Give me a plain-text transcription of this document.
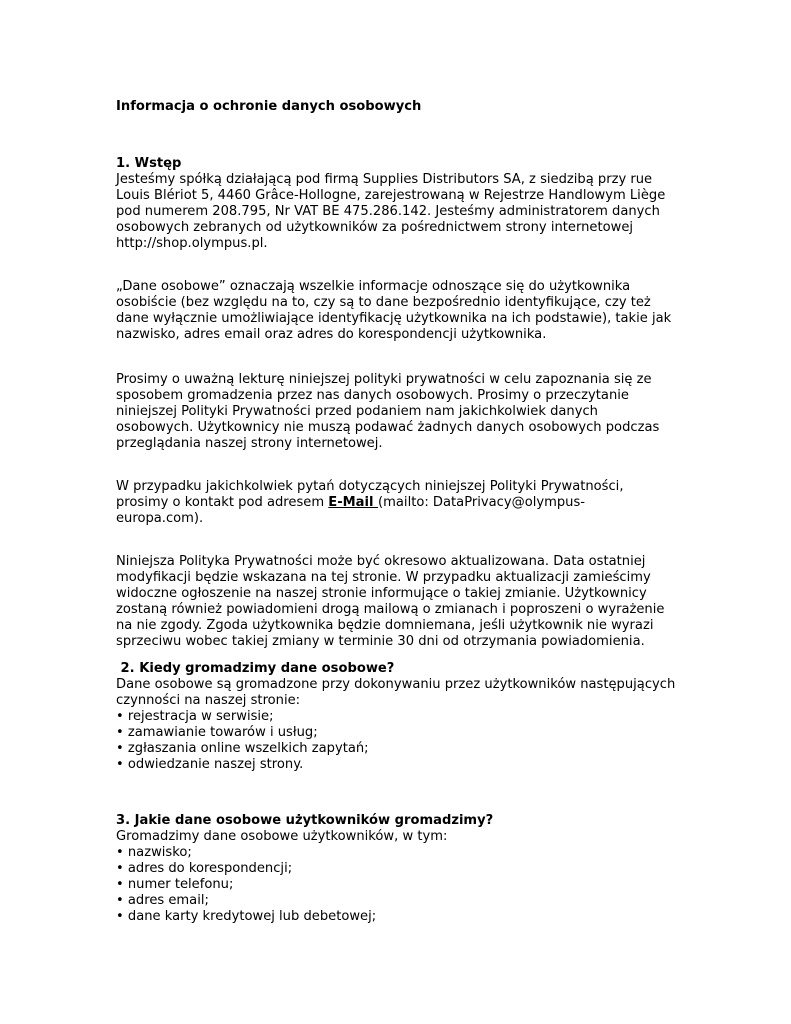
Informacja o ochronie danych osobowych
1. Wstęp
Jesteśmy spółką działającą pod firmą Supplies Distributors SA, z siedzibą przy rue
Louis Blériot 5, 4460 Grâce-Hollogne, zarejestrowaną w Rejestrze Handlowym Liège
pod numerem 208.795, Nr VAT BE 475.286.142. Jesteśmy administratorem danych
osobowych zebranych od użytkowników za pośrednictwem strony internetowej
http://shop.olympus.pl.
„Dane osobowe” oznaczają wszelkie informacje odnoszące się do użytkownika
osobiście (bez względu na to, czy są to dane bezpośrednio identyfikujące, czy też
dane wyłącznie umożliwiające identyfikację użytkownika na ich podstawie), takie jak
nazwisko, adres email oraz adres do korespondencji użytkownika.
Prosimy o uważną lekturę niniejszej polityki prywatności w celu zapoznania się ze
sposobem gromadzenia przez nas danych osobowych. Prosimy o przeczytanie
niniejszej Polityki Prywatności przed podaniem nam jakichkolwiek danych
osobowych. Użytkownicy nie muszą podawać żadnych danych osobowych podczas
przeglądania naszej strony internetowej.
W przypadku jakichkolwiek pytań dotyczących niniejszej Polityki Prywatności,
prosimy o kontakt pod adresem E-Mail (mailto: DataPrivacy@olympus-
europa.com).
Niniejsza Polityka Prywatności może być okresowo aktualizowana. Data ostatniej
modyfikacji będzie wskazana na tej stronie. W przypadku aktualizacji zamieścimy
widoczne ogłoszenie na naszej stronie informujące o takiej zmianie. Użytkownicy
zostaną również powiadomieni drogą mailową o zmianach i poproszeni o wyrażenie
na nie zgody. Zgoda użytkownika będzie domniemana, jeśli użytkownik nie wyrazi
sprzeciwu wobec takiej zmiany w terminie 30 dni od otrzymania powiadomienia.
2. Kiedy gromadzimy dane osobowe?
Dane osobowe są gromadzone przy dokonywaniu przez użytkowników następujących
czynności na naszej stronie:
• rejestracja w serwisie;
• zamawianie towarów i usług;
• zgłaszania online wszelkich zapytań;
• odwiedzanie naszej strony.
3. Jakie dane osobowe użytkowników gromadzimy?
Gromadzimy dane osobowe użytkowników, w tym:
• nazwisko;
• adres do korespondencji;
• numer telefonu;
• adres email;
• dane karty kredytowej lub debetowej;
